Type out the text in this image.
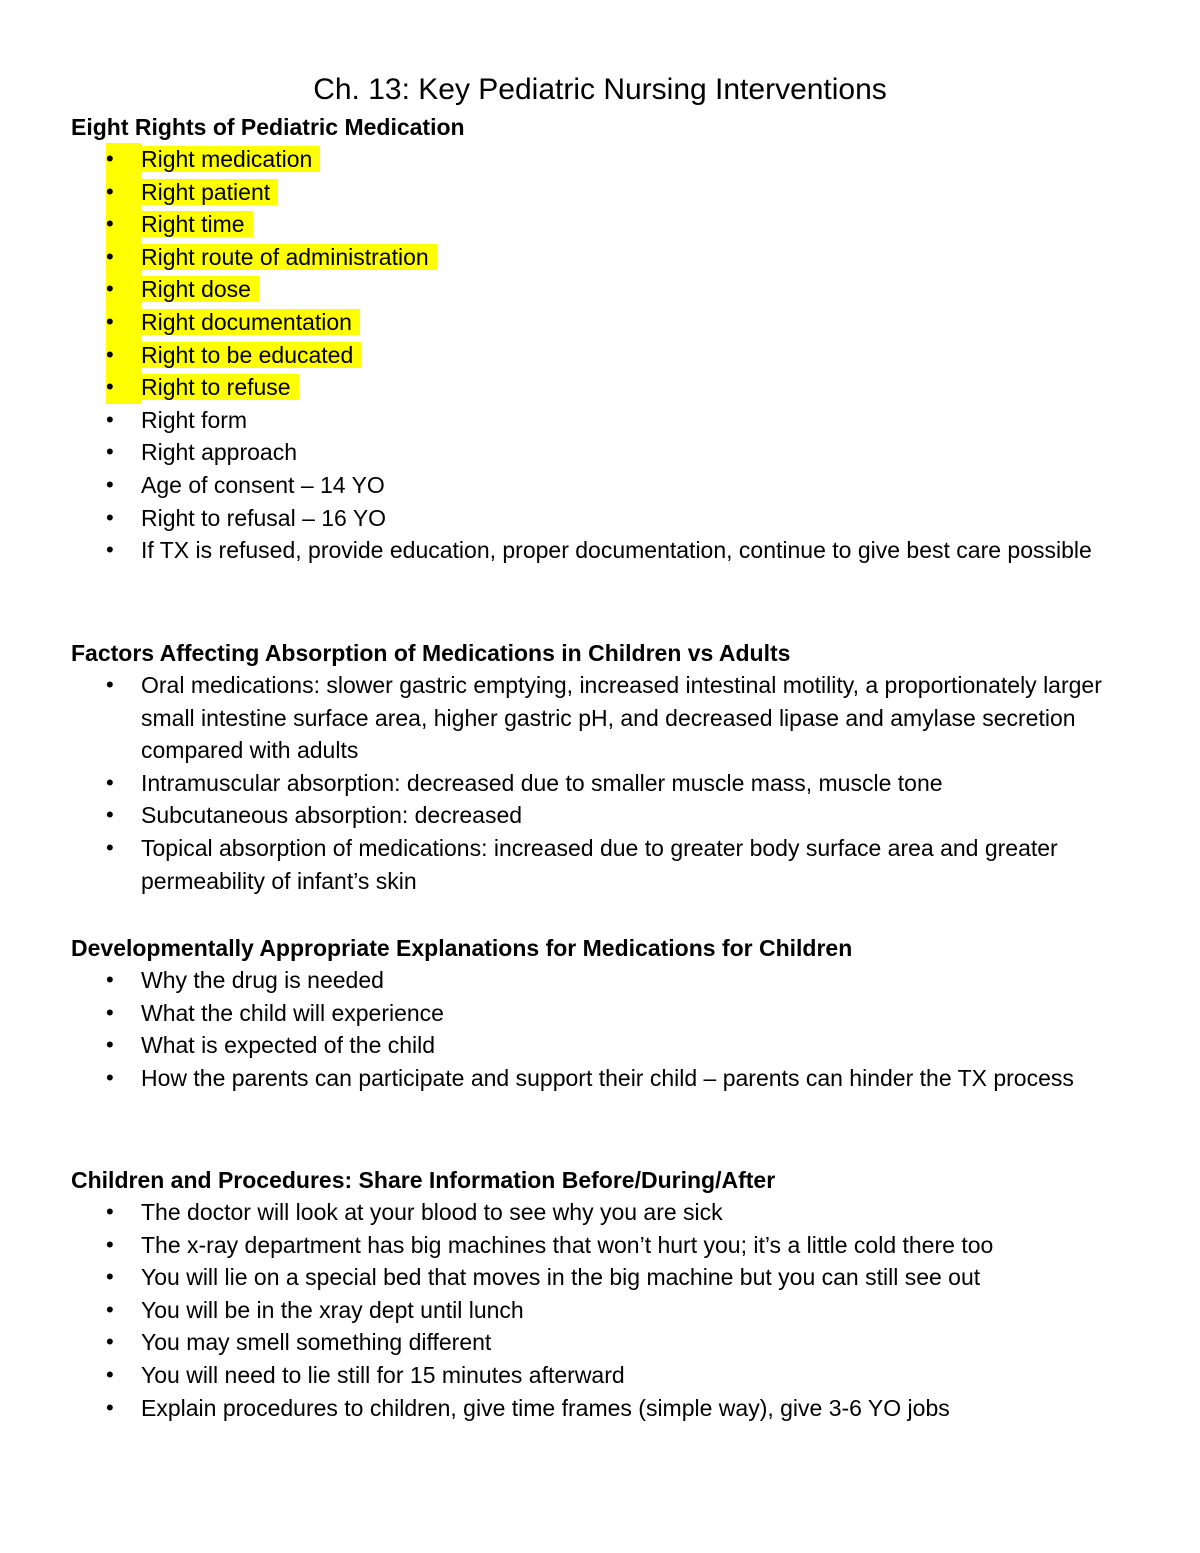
Ch. 13: Key Pediatric Nursing Interventions
Eight Rights of Pediatric Medication
•	Right medication
•	Right patient
•	Right time
•	Right route of administration
•	Right dose
•	Right documentation
•	Right to be educated
•	Right to refuse
•	Right form
•	Right approach
•	Age of consent – 14 YO
•	Right to refusal – 16 YO
•	If TX is refused, provide education, proper documentation, continue to give best care possible
Factors Affecting Absorption of Medications in Children vs Adults
•	Oral medications: slower gastric emptying, increased intestinal motility, a proportionately larger small intestine surface area, higher gastric pH, and decreased lipase and amylase secretion compared with adults
•	Intramuscular absorption: decreased due to smaller muscle mass, muscle tone
•	Subcutaneous absorption: decreased
•	Topical absorption of medications: increased due to greater body surface area and greater permeability of infant’s skin
Developmentally Appropriate Explanations for Medications for Children
•	Why the drug is needed
•	What the child will experience
•	What is expected of the child
•	How the parents can participate and support their child – parents can hinder the TX process
Children and Procedures: Share Information Before/During/After
•	The doctor will look at your blood to see why you are sick
•	The x-ray department has big machines that won’t hurt you; it’s a little cold there too
•	You will lie on a special bed that moves in the big machine but you can still see out
•	You will be in the xray dept until lunch
•	You may smell something different
•	You will need to lie still for 15 minutes afterward
•	Explain procedures to children, give time frames (simple way), give 3-6 YO jobs
